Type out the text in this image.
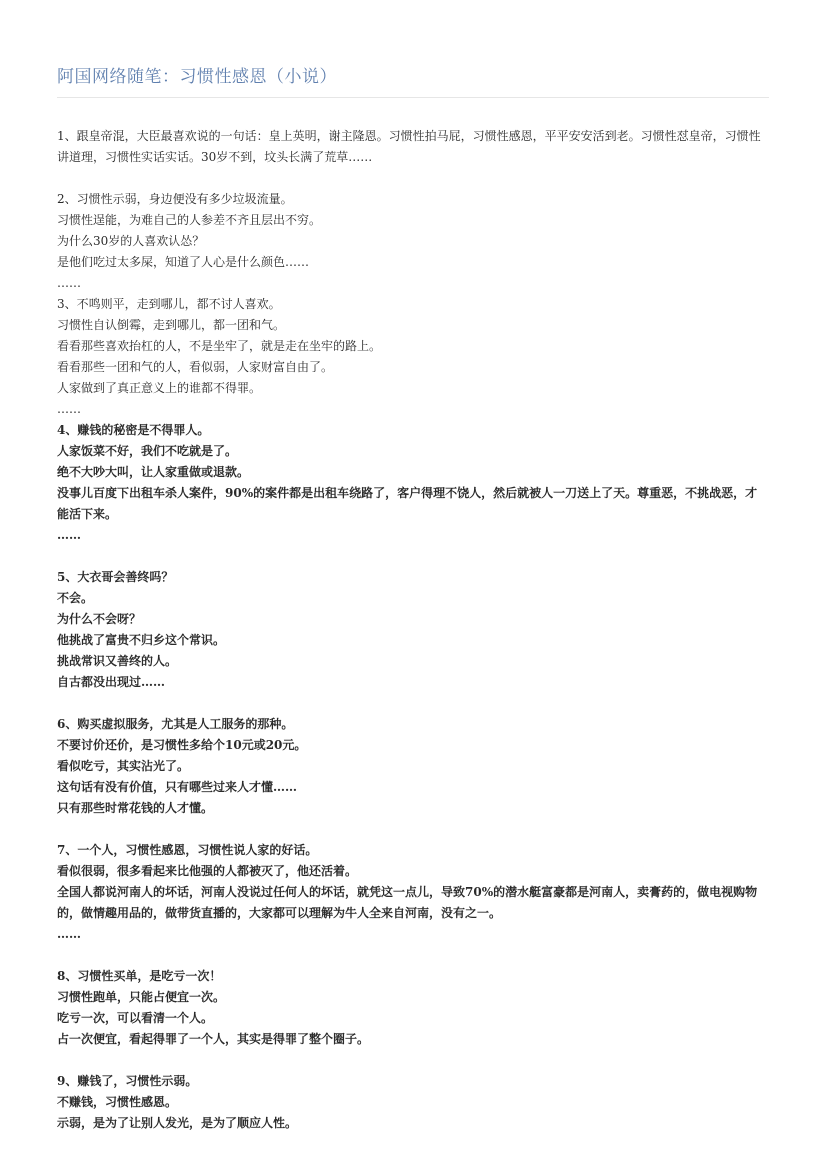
阿国网络随笔：习惯性感恩（小说）
1、跟皇帝混，大臣最喜欢说的一句话：皇上英明，谢主隆恩。习惯性拍马屁，习惯性感恩，平平安安活到老。习惯性怼皇帝，习惯性讲道理，习惯性实话实话。30岁不到，坟头长满了荒草……
2、习惯性示弱，身边便没有多少垃圾流量。
习惯性逞能，为难自己的人参差不齐且层出不穷。
为什么30岁的人喜欢认怂？
是他们吃过太多屎，知道了人心是什么颜色……
……
3、不鸣则平，走到哪儿，都不讨人喜欢。
习惯性自认倒霉，走到哪儿，都一团和气。
看看那些喜欢抬杠的人，不是坐牢了，就是走在坐牢的路上。
看看那些一团和气的人，看似弱，人家财富自由了。
人家做到了真正意义上的谁都不得罪。
……
4、赚钱的秘密是不得罪人。
人家饭菜不好，我们不吃就是了。
绝不大吵大叫，让人家重做或退款。
没事儿百度下出租车杀人案件，90%的案件都是出租车绕路了，客户得理不饶人，然后就被人一刀送上了天。尊重恶，不挑战恶，才能活下来。
……
5、大衣哥会善终吗？
不会。
为什么不会呀？
他挑战了富贵不归乡这个常识。
挑战常识又善终的人。
自古都没出现过……
6、购买虚拟服务，尤其是人工服务的那种。
不要讨价还价，是习惯性多给个10元或20元。
看似吃亏，其实沾光了。
这句话有没有价值，只有哪些过来人才懂……
只有那些时常花钱的人才懂。
7、一个人，习惯性感恩，习惯性说人家的好话。
看似很弱，很多看起来比他强的人都被灭了，他还活着。
全国人都说河南人的坏话，河南人没说过任何人的坏话，就凭这一点儿，导致70%的潜水艇富豪都是河南人，卖膏药的，做电视购物的，做情趣用品的，做带货直播的，大家都可以理解为牛人全来自河南，没有之一。
……
8、习惯性买单，是吃亏一次！
习惯性跑单，只能占便宜一次。
吃亏一次，可以看清一个人。
占一次便宜，看起得罪了一个人，其实是得罪了整个圈子。
9、赚钱了，习惯性示弱。
不赚钱，习惯性感恩。
示弱，是为了让别人发光，是为了顺应人性。
